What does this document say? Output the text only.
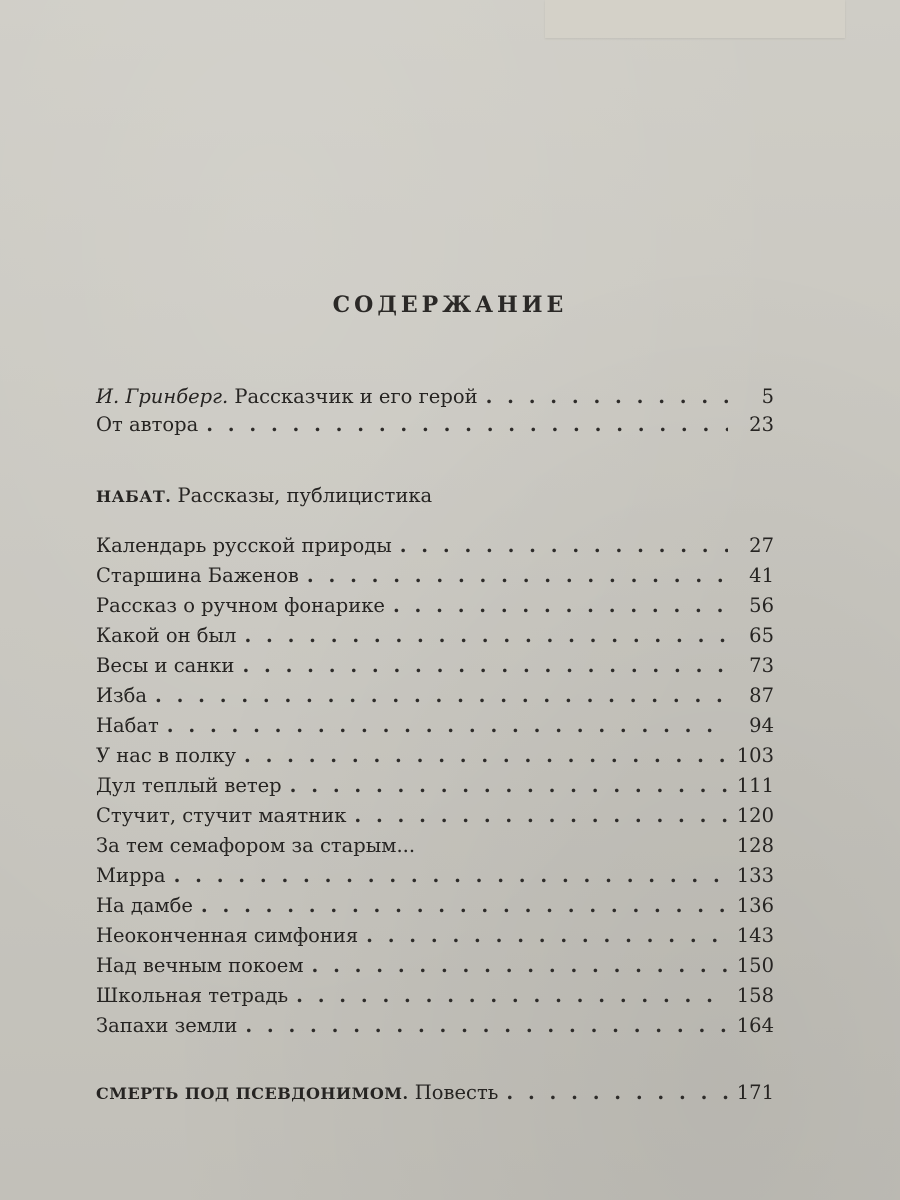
СОДЕРЖАНИЕ
И. Гринберг. Рассказчик и его герой . . .	5
От автора . . .	23
НАБАТ. Рассказы, публицистика
Календарь русской природы . . .	27
Старшина Баженов . . .	41
Рассказ о ручном фонарике . . .	56
Какой он был . . .	65
Весы и санки . . .	73
Изба . . .	87
Набат . . .	94
У нас в полку . . .	103
Дул теплый ветер . . .	111
Стучит, стучит маятник . . .	120
За тем семафором за старым...	128
Мирра . . .	133
На дамбе . . .	136
Неоконченная симфония . . .	143
Над вечным покоем . . .	150
Школьная тетрадь . . .	158
Запахи земли . . .	164
СМЕРТЬ ПОД ПСЕВДОНИМОМ. Повесть . . .	171
